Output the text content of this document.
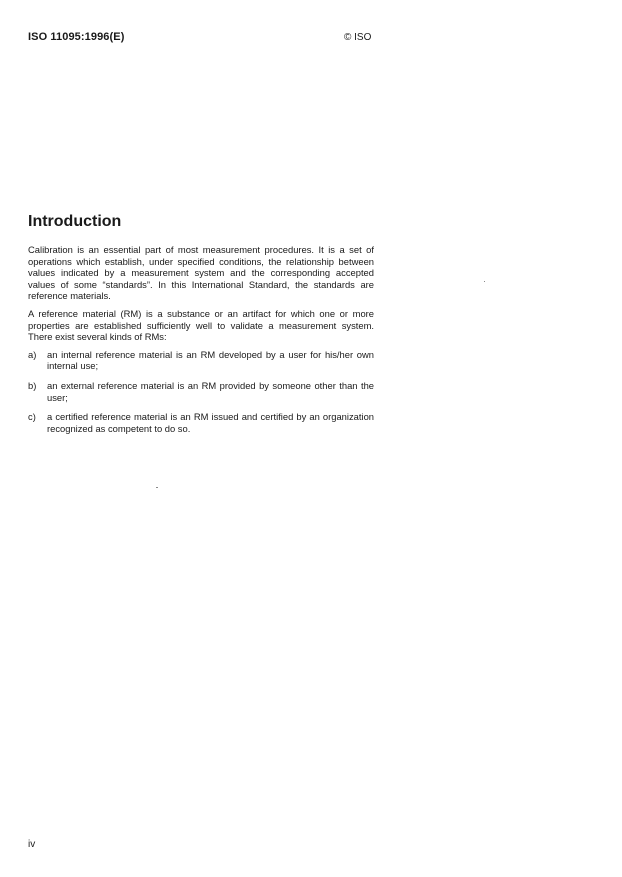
ISO 11095:1996(E)	© ISO
Introduction

Calibration is an essential part of most measurement procedures. It is a set of operations which establish, under specified conditions, the relationship between values indicated by a measurement system and the corresponding accepted values of some “standards”. In this International Standard, the standards are reference materials.

A reference material (RM) is a substance or an artifact for which one or more properties are established sufficiently well to validate a measurement system. There exist several kinds of RMs:

a) an internal reference material is an RM developed by a user for his/her own internal use;
b) an external reference material is an RM provided by someone other than the user;
c) a certified reference material is an RM issued and certified by an organization recognized as competent to do so.
iv
